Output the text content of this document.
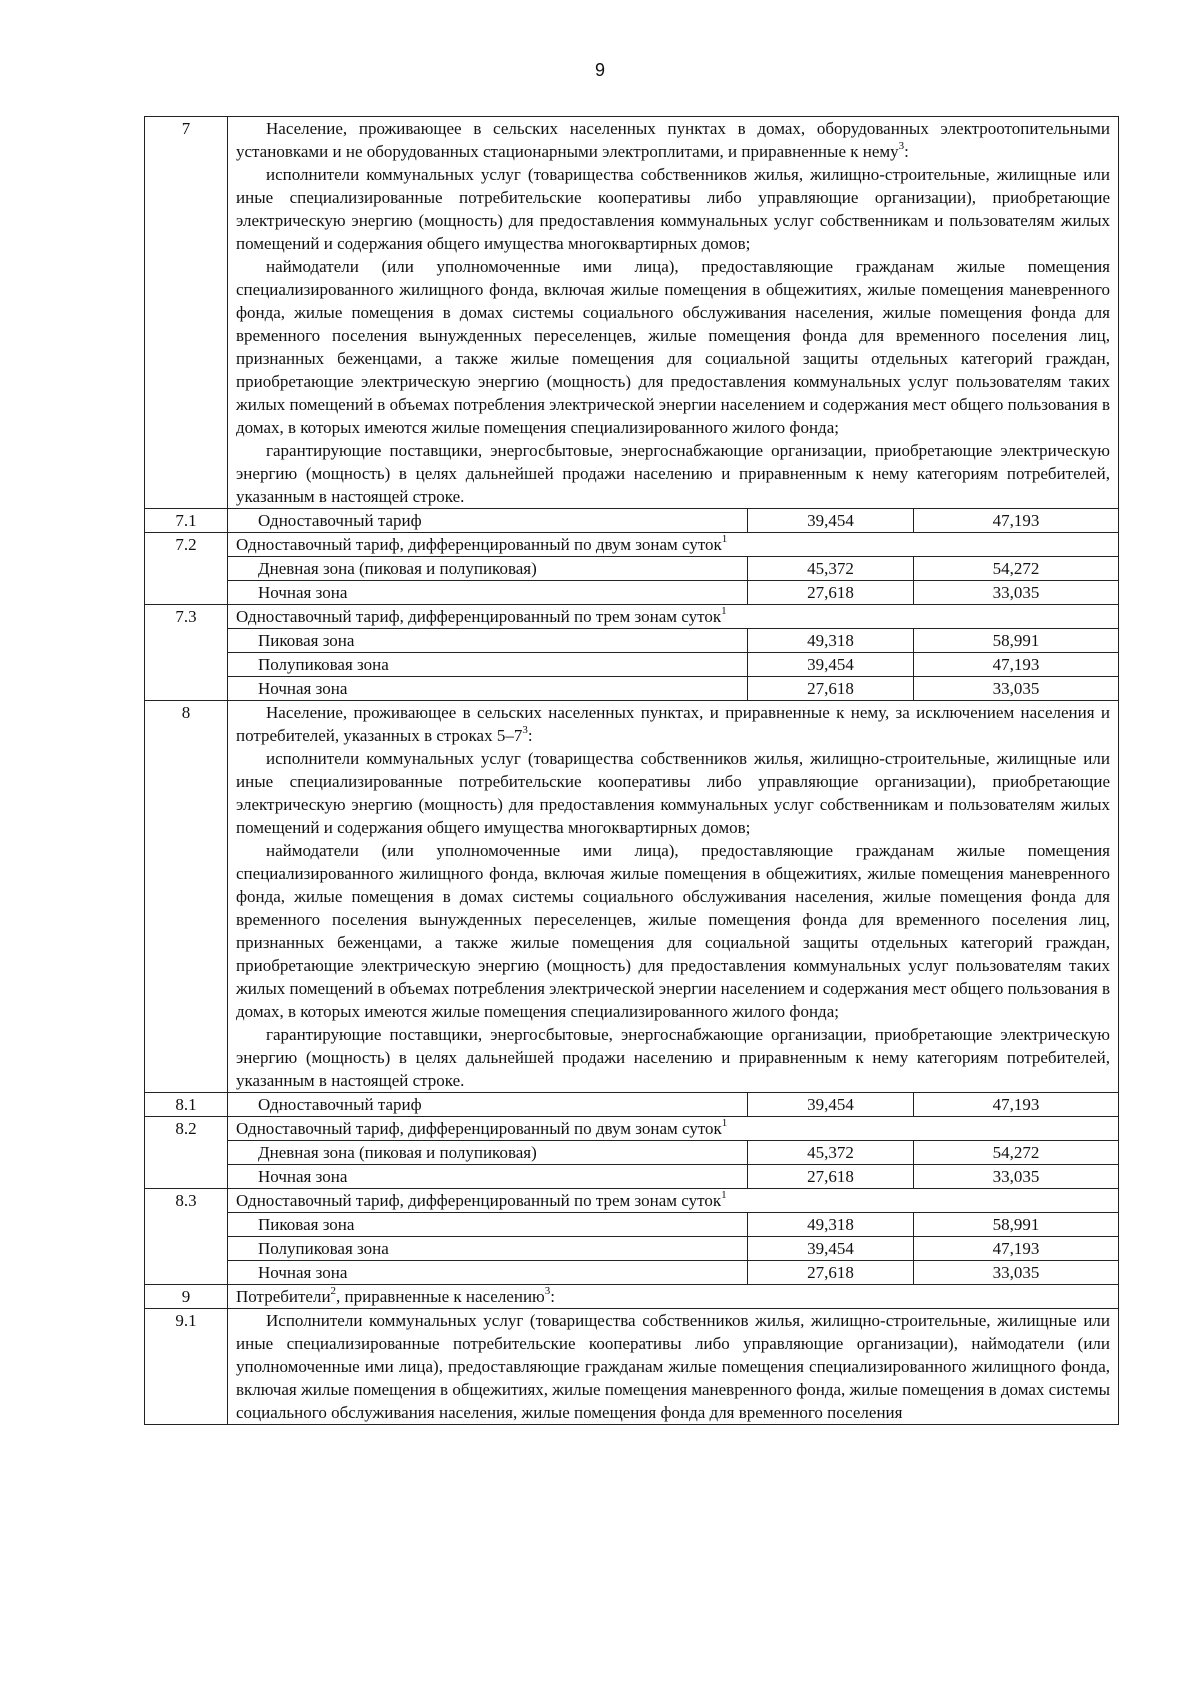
9
7	Население, проживающее в сельских населенных пунктах в домах, оборудованных электроотопительными установками и не оборудованных стационарными электроплитами, и приравненные к нему$^3$:

исполнители коммунальных услуг (товарищества собственников жилья, жилищно-строительные, жилищные или иные специализированные потребительские кооперативы либо управляющие организации), приобретающие электрическую энергию (мощность) для предоставления коммунальных услуг собственникам и пользователям жилых помещений и содержания общего имущества многоквартирных домов;

наймодатели (или уполномоченные ими лица), предоставляющие гражданам жилые помещения специализированного жилищного фонда, включая жилые помещения в общежитиях, жилые помещения маневренного фонда, жилые помещения в домах системы социального обслуживания населения, жилые помещения фонда для временного поселения вынужденных переселенцев, жилые помещения фонда для временного поселения лиц, признанных беженцами, а также жилые помещения для социальной защиты отдельных категорий граждан, приобретающие электрическую энергию (мощность) для предоставления коммунальных услуг пользователям таких жилых помещений в объемах потребления электрической энергии населением и содержания мест общего пользования в домах, в которых имеются жилые помещения специализированного жилого фонда;

гарантирующие поставщики, энергосбытовые, энергоснабжающие организации, приобретающие электрическую энергию (мощность) в целях дальнейшей продажи населению и приравненным к нему категориям потребителей, указанным в настоящей строке.		

7.1	Одноставочный тариф	39,454	47,193
7.2	Одноставочный тариф, дифференцированный по двум зонам суток$^1$
	Дневная зона (пиковая и полупиковая)	45,372	54,272
	Ночная зона	27,618	33,035
7.3	Одноставочный тариф, дифференцированный по трем зонам суток$^1$
	Пиковая зона	49,318	58,991
	Полупиковая зона	39,454	47,193
	Ночная зона	27,618	33,035
8	Население, проживающее в сельских населенных пунктах, и приравненные к нему, за исключением населения и потребителей, указанных в строках $5-7^3$:

исполнители коммунальных услуг (товарищества собственников жилья, жилищно-строительные, жилищные или иные специализированные потребительские кооперативы либо управляющие организации), приобретающие электрическую энергию (мощность) для предоставления коммунальных услуг собственникам и пользователям жилых помещений и содержания общего имущества многоквартирных домов;

наймодатели (или уполномоченные ими лица), предоставляющие гражданам жилые помещения специализированного жилищного фонда, включая жилые помещения в общежитиях, жилые помещения маневренного фонда, жилые помещения в домах системы социального обслуживания населения, жилые помещения фонда для временного поселения вынужденных переселенцев, жилые помещения фонда для временного поселения лиц, признанных беженцами, а также жилые помещения для социальной защиты отдельных категорий граждан, приобретающие электрическую энергию (мощность) для предоставления коммунальных услуг пользователям таких жилых помещений в объемах потребления электрической энергии населением и содержания мест общего пользования в домах, в которых имеются жилые помещения специализированного жилого фонда;

гарантирующие поставщики, энергосбытовые, энергоснабжающие организации, приобретающие электрическую энергию (мощность) в целях дальнейшей продажи населению и приравненным к нему категориям потребителей, указанным в настоящей строке.		

8.1	Одноставочный тариф	39,454	47,193
8.2	Одноставочный тариф, дифференцированный по двум зонам суток$^1$
	Дневная зона (пиковая и полупиковая)	45,372	54,272
	Ночная зона	27,618	33,035
8.3	Одноставочный тариф, дифференцированный по трем зонам суток$^1$
	Пиковая зона	49,318	58,991
	Полупиковая зона	39,454	47,193
	Ночная зона	27,618	33,035
9	Потребители$^2$, приравненные к населению$^3$:		
9.1	Исполнители коммунальных услуг (товарищества собственников жилья, жилищно-строительные, жилищные или иные специализированные потребительские кооперативы либо управляющие организации), наймодатели (или уполномоченные ими лица), предоставляющие гражданам жилые помещения специализированного жилищного фонда, включая жилые помещения в общежитиях, жилые помещения маневренного фонда, жилые помещения в домах системы социального обслуживания населения, жилые помещения фонда для временного поселения		
